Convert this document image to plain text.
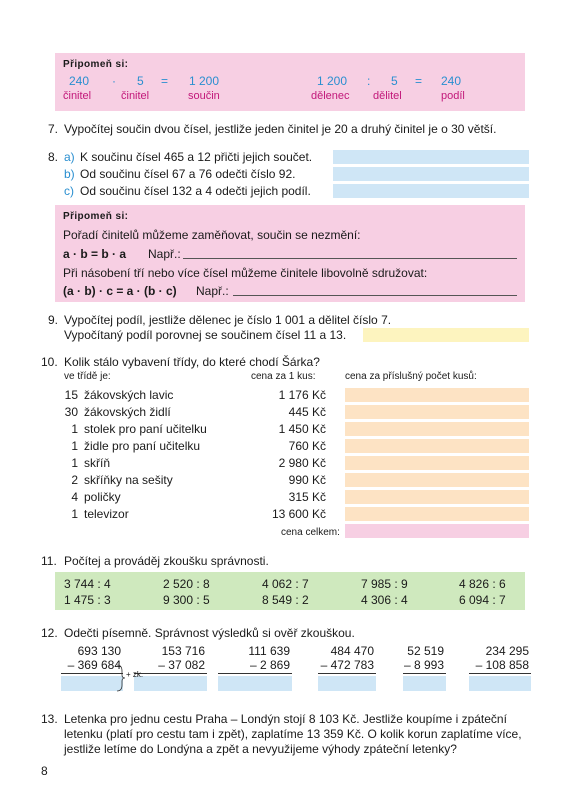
Připomeň si:
240 · 5 = 1 200
činitel	činitel	součin
1 200 : 5 = 240
dělenec dělitel	podíl
7. Vypočítej součin dvou čísel, jestliže jeden činitel je 20 a druhý činitel je o 30 větší.
8. a) K součinu čísel 465 a 12 přičti jejich součet.
b) Od součinu čísel 67 a 76 odečti číslo 92.
c) Od součinu čísel 132 a 4 odečti jejich podíl.
Připomeň si:
Pořadí činitelů můžeme zaměňovat, součin se nezmění:
a · b = b · a Např.:
Při násobení tří nebo více čísel můžeme činitele libovolně sdružovat:
(a · b) · c = a · (b · c) Např.:
9. Vypočítej podíl, jestliže dělenec je číslo 1 001 a dělitel číslo 7.
Vypočítaný podíl porovnej se součinem čísel 11 a 13.
10. Kolik stálo vybavení třídy, do které chodí Šárka?
ve třídě je:	cena za 1 kus:	cena za příslušný počet kusů:
15 žákovských lavic	1 176 Kč
30 žákovských židlí	445 Kč
1 stolek pro paní učitelku	1 450 Kč
1 židle pro paní učitelku	760 Kč
1 skříň	2 980 Kč
2 skříňky na sešity	990 Kč
4 poličky	315 Kč
1 televizor	13 600 Kč
cena celkem:
11. Počítej a prováděj zkoušku správnosti.
3 744 : 4	2 520 : 8	4 062 : 7	7 985 : 9	4 826 : 6
1 475 : 3	9 300 : 5	8 549 : 2	4 306 : 4	6 094 : 7
12. Odečti písemně. Správnost výsledků si ověř zkouškou.
693 130
– 369 684
153 716
– 37 082
111 639
– 2 869
484 470
– 472 783
52 519
– 8 993
234 295
– 108 858
+ zk.
13. Letenka pro jednu cestu Praha – Londýn stojí 8 103 Kč. Jestliže koupíme i zpáteční
letenku (platí pro cestu tam i zpět), zaplatíme 13 359 Kč. O kolik korun zaplatíme více,
jestliže letíme do Londýna a zpět a nevyužijeme výhody zpáteční letenky?
8
